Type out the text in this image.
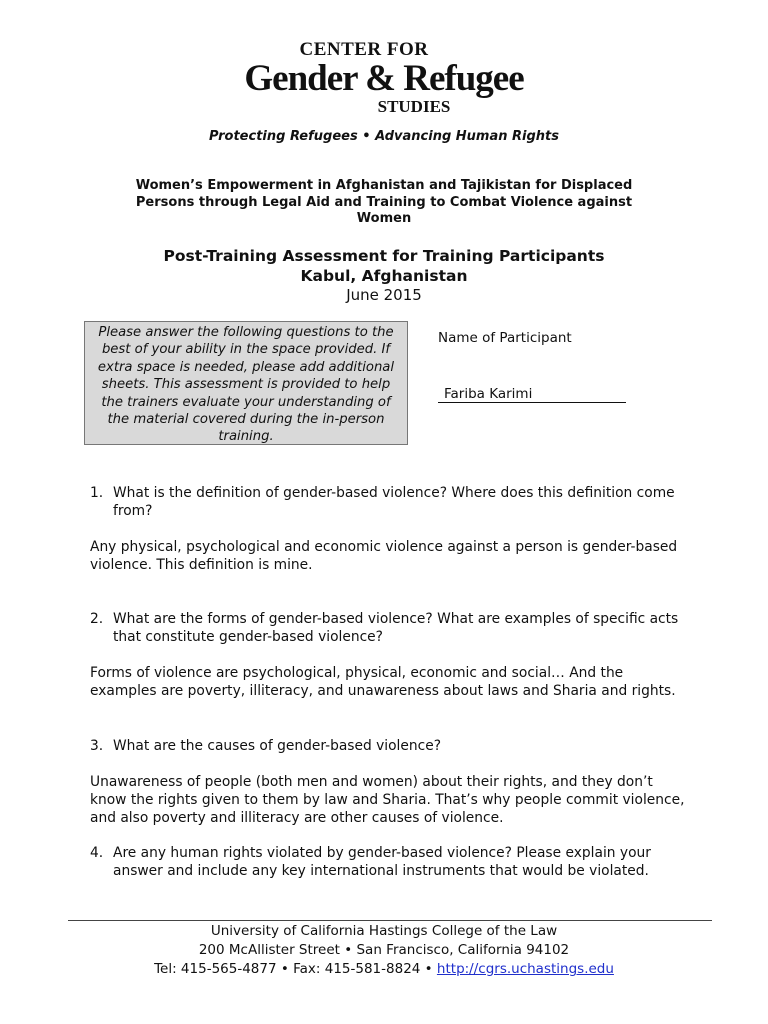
CENTER FOR
Gender & Refugee
STUDIES
Protecting Refugees • Advancing Human Rights
Women’s Empowerment in Afghanistan and Tajikistan for Displaced Persons through Legal Aid and Training to Combat Violence against Women
Post-Training Assessment for Training Participants
Kabul, Afghanistan
June 2015
Please answer the following questions to the best of your ability in the space provided. If extra space is needed, please add additional sheets. This assessment is provided to help the trainers evaluate your understanding of the material covered during the in-person training.
Name of Participant
Fariba Karimi
1. What is the definition of gender-based violence? Where does this definition come from?
Any physical, psychological and economic violence against a person is gender-based violence. This definition is mine.
2. What are the forms of gender-based violence? What are examples of specific acts that constitute gender-based violence?
Forms of violence are psychological, physical, economic and social… And the examples are poverty, illiteracy, and unawareness about laws and Sharia and rights.
3. What are the causes of gender-based violence?
Unawareness of people (both men and women) about their rights, and they don’t know the rights given to them by law and Sharia. That’s why people commit violence, and also poverty and illiteracy are other causes of violence.
4. Are any human rights violated by gender-based violence? Please explain your answer and include any key international instruments that would be violated.
University of California Hastings College of the Law
200 McAllister Street • San Francisco, California 94102
Tel: 415-565-4877 • Fax: 415-581-8824 • http://cgrs.uchastings.edu
